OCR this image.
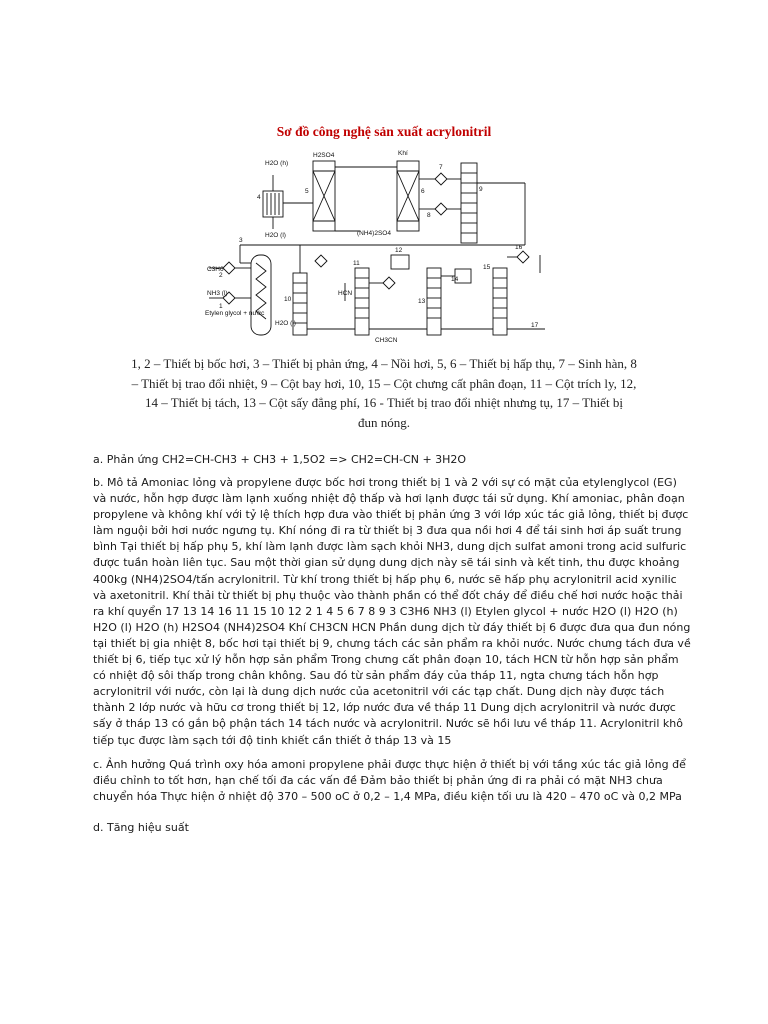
Sơ đồ công nghệ sản xuất acrylonitril
H2O (h)
H2O (l)
4
H2SO4
5
(NH4)2SO4
Khí
6
7
8
9
3
C3H6
2
NH3 (l)
1
Etylen glycol + nước
H2O (l)
10
HCN
11
12
CH3CN
13
14
15
16
17
1, 2 – Thiết bị bốc hơi, 3 – Thiết bị phản ứng, 4 – Nồi hơi, 5, 6 – Thiết bị hấp thụ, 7 – Sinh hàn, 8
– Thiết bị trao đổi nhiệt, 9 – Cột bay hơi, 10, 15 – Cột chưng cất phân đoạn, 11 – Cột trích ly, 12,
14 – Thiết bị tách, 13 – Cột sấy đẳng phí, 16 - Thiết bị trao đổi nhiệt nhưng tụ, 17 – Thiết bị
đun nóng.

a. Phản ứng CH2=CH-CH3 + CH3 + 1,5O2 => CH2=CH-CN + 3H2O

b. Mô tả Amoniac lỏng và propylene được bốc hơi trong thiết bị 1 và 2 với sự có mặt của etylenglycol (EG) và nước, hỗn hợp được làm lạnh xuống nhiệt độ thấp và hơi lạnh được tái sử dụng. Khí amoniac, phân đoạn propylene và không khí với tỷ lệ thích hợp đưa vào thiết bị phản ứng 3 với lớp xúc tác giả lỏng, thiết bị được làm nguội bởi hơi nước ngưng tụ. Khí nóng đi ra từ thiết bị 3 đưa qua nồi hơi 4 để tái sinh hơi áp suất trung bình Tại thiết bị hấp phụ 5, khí làm lạnh được làm sạch khỏi NH3, dung dịch sulfat amoni trong acid sulfuric được tuần hoàn liên tục. Sau một thời gian sử dụng dung dịch này sẽ tái sinh và kết tinh, thu được khoảng 400kg (NH4)2SO4/tấn acrylonitril. Từ khí trong thiết bị hấp phụ 6, nước sẽ hấp phụ acrylonitril acid xynilic và axetonitril. Khí thải từ thiết bị phụ thuộc vào thành phần có thể đốt cháy để điều chế hơi nước hoặc thải ra khí quyển 17 13 14 16 11 15 10 12 2 1 4 5 6 7 8 9 3 C3H6 NH3 (l) Etylen glycol + nước H2O (l) H2O (h) H2O (l) H2O (h) H2SO4 (NH4)2SO4 Khí CH3CN HCN Phần dung dịch từ đáy thiết bị 6 được đưa qua đun nóng tại thiết bị gia nhiệt 8, bốc hơi tại thiết bị 9, chưng tách các sản phẩm ra khỏi nước. Nước chưng tách đưa về thiết bị 6, tiếp tục xử lý hỗn hợp sản phẩm Trong chưng cất phân đoạn 10, tách HCN từ hỗn hợp sản phẩm có nhiệt độ sôi thấp trong chân không. Sau đó từ sản phẩm đáy của tháp 11, ngta chưng tách hỗn hợp acrylonitril với nước, còn lại là dung dịch nước của acetonitril với các tạp chất. Dung dịch này được tách thành 2 lớp nước và hữu cơ trong thiết bị 12, lớp nước đưa về tháp 11 Dung dịch acrylonitril và nước được sấy ở tháp 13 có gắn bộ phận tách 14 tách nước và acrylonitril. Nước sẽ hồi lưu về tháp 11. Acrylonitril khô tiếp tục được làm sạch tới độ tinh khiết cần thiết ở tháp 13 và 15

c. Ảnh hưởng Quá trình oxy hóa amoni propylene phải được thực hiện ở thiết bị với tầng xúc tác giả lỏng để điều chỉnh to tốt hơn, hạn chế tối đa các vấn đề Đảm bảo thiết bị phản ứng đi ra phải có mặt NH3 chưa chuyển hóa Thực hiện ở nhiệt độ 370 – 500 oC ở 0,2 – 1,4 MPa, điều kiện tối ưu là 420 – 470 oC và 0,2 MPa

d. Tăng hiệu suất
